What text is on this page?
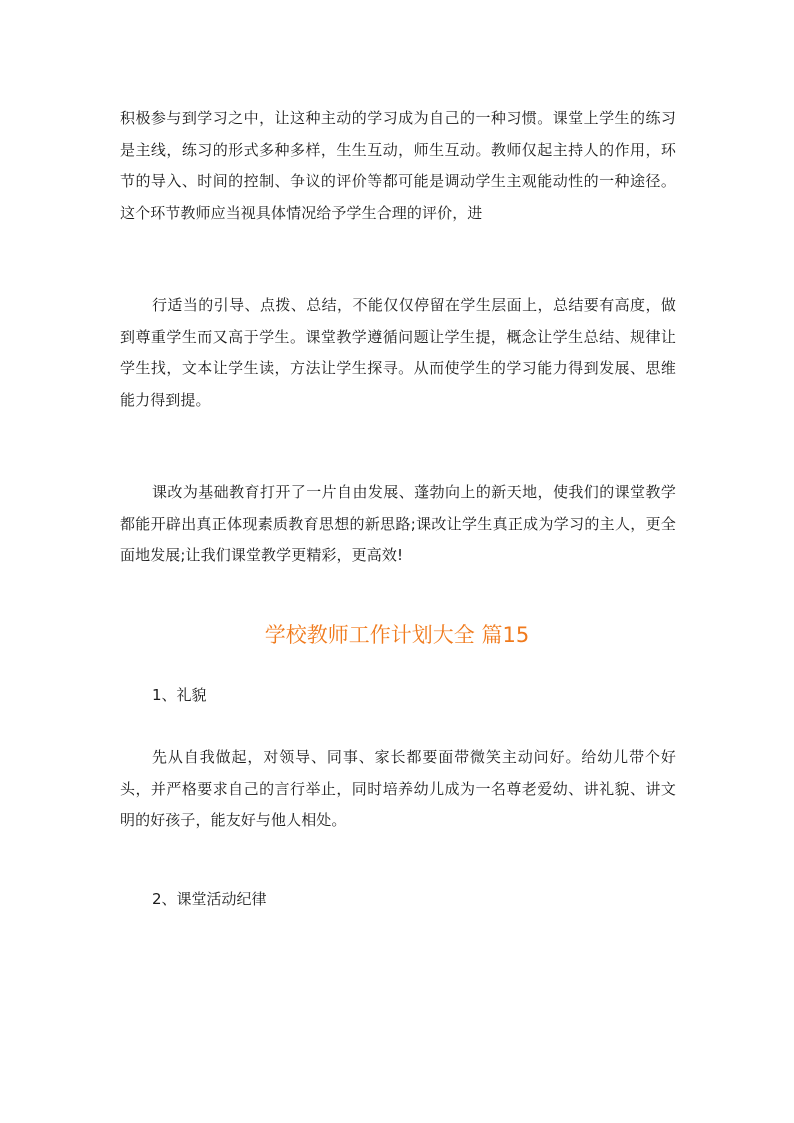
积极参与到学习之中，让这种主动的学习成为自己的一种习惯。课堂上学生的练习是主线，练习的形式多种多样，生生互动，师生互动。教师仅起主持人的作用，环节的导入、时间的控制、争议的评价等都可能是调动学生主观能动性的一种途径。这个环节教师应当视具体情况给予学生合理的评价，进

行适当的引导、点拨、总结，不能仅仅停留在学生层面上，总结要有高度，做到尊重学生而又高于学生。课堂教学遵循问题让学生提，概念让学生总结、规律让学生找，文本让学生读，方法让学生探寻。从而使学生的学习能力得到发展、思维能力得到提。

课改为基础教育打开了一片自由发展、蓬勃向上的新天地，使我们的课堂教学都能开辟出真正体现素质教育思想的新思路;课改让学生真正成为学习的主人，更全面地发展;让我们课堂教学更精彩，更高效!

学校教师工作计划大全 篇15

1、礼貌

先从自我做起，对领导、同事、家长都要面带微笑主动问好。给幼儿带个好头，并严格要求自己的言行举止，同时培养幼儿成为一名尊老爱幼、讲礼貌、讲文明的好孩子，能友好与他人相处。

2、课堂活动纪律
